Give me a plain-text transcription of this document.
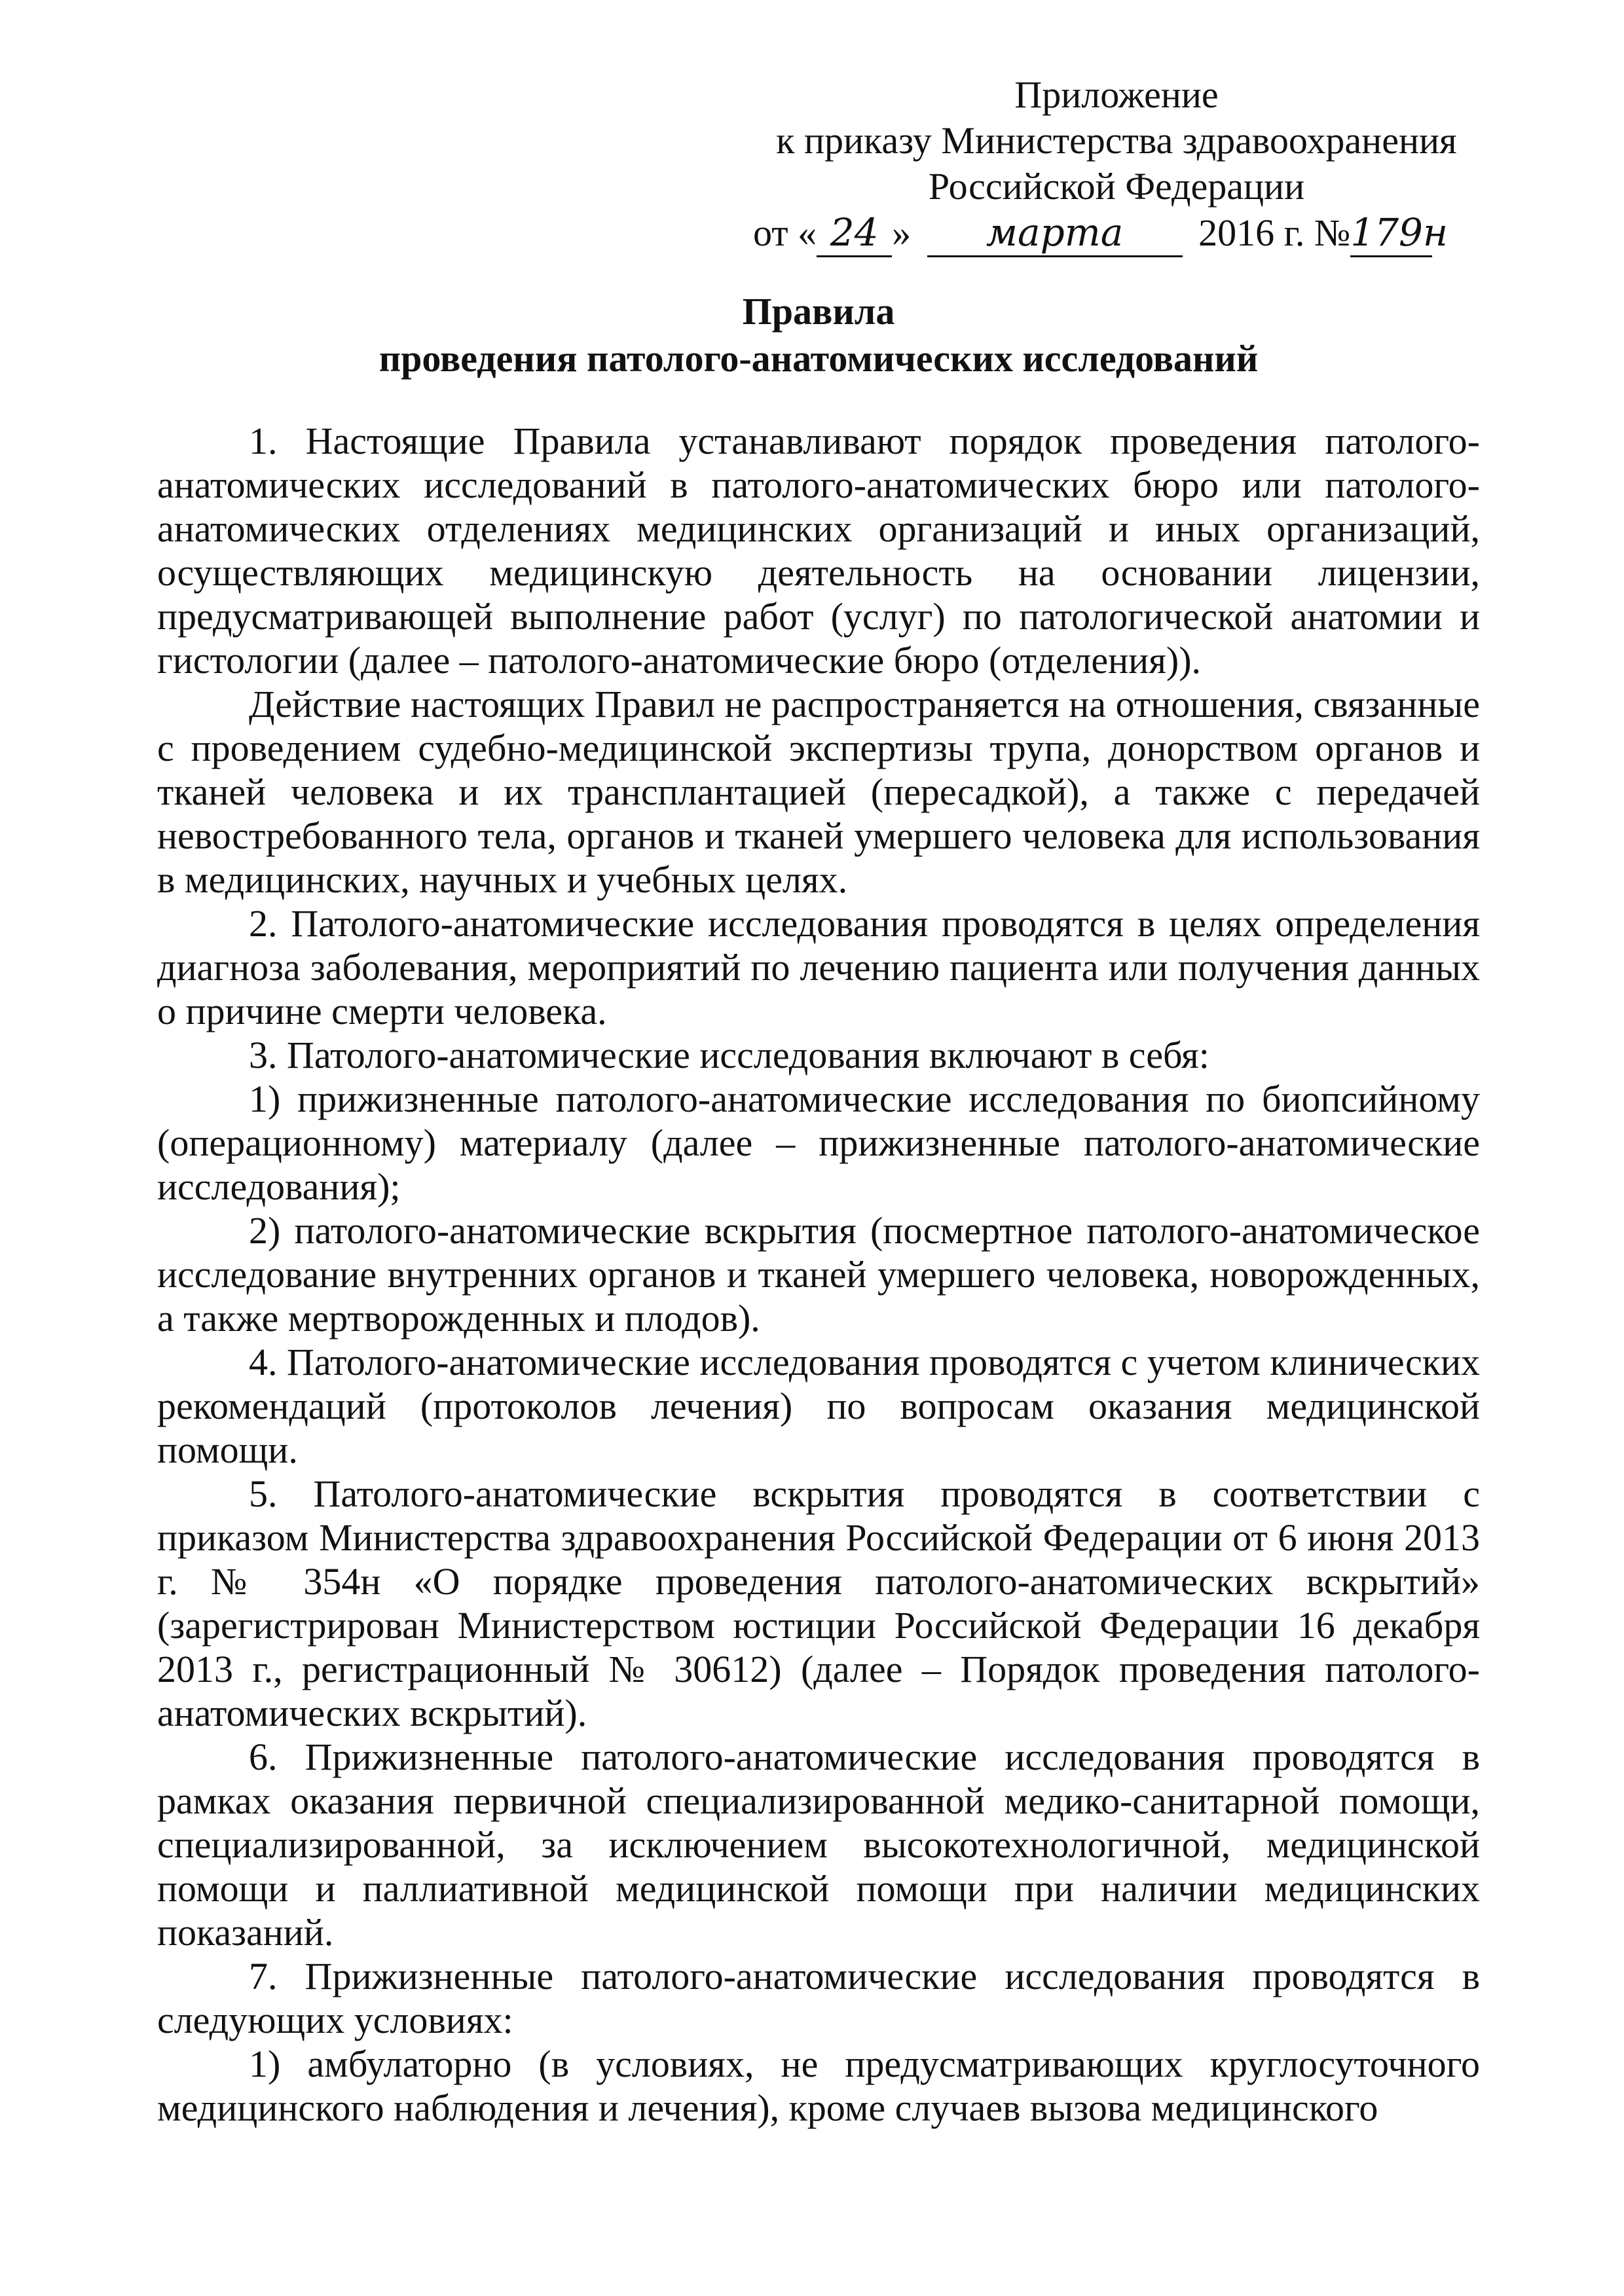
Приложение
к приказу Министерства здравоохранения
Российской Федерации
от « 24 » марта 2016 г. №179н
Правила
проведения патолого-анатомических исследований

1. Настоящие Правила устанавливают порядок проведения патолого-анатомических исследований в патолого-анатомических бюро или патолого-анатомических отделениях медицинских организаций и иных организаций, осуществляющих медицинскую деятельность на основании лицензии, предусматривающей выполнение работ (услуг) по патологической анатомии и гистологии (далее – патолого-анатомические бюро (отделения)).

Действие настоящих Правил не распространяется на отношения, связанные с проведением судебно-медицинской экспертизы трупа, донорством органов и тканей человека и их трансплантацией (пересадкой), а также с передачей невостребованного тела, органов и тканей умершего человека для использования в медицинских, научных и учебных целях.

2. Патолого-анатомические исследования проводятся в целях определения диагноза заболевания, мероприятий по лечению пациента или получения данных о причине смерти человека.

3. Патолого-анатомические исследования включают в себя:

1) прижизненные патолого-анатомические исследования по биопсийному (операционному) материалу (далее – прижизненные патолого-анатомические исследования);

2) патолого-анатомические вскрытия (посмертное патолого-анатомическое исследование внутренних органов и тканей умершего человека, новорожденных, а также мертворожденных и плодов).

4. Патолого-анатомические исследования проводятся с учетом клинических рекомендаций (протоколов лечения) по вопросам оказания медицинской помощи.

5. Патолого-анатомические вскрытия проводятся в соответствии с приказом Министерства здравоохранения Российской Федерации от 6 июня 2013 г. № 354н «О порядке проведения патолого-анатомических вскрытий» (зарегистрирован Министерством юстиции Российской Федерации 16 декабря 2013 г., регистрационный № 30612) (далее – Порядок проведения патолого-анатомических вскрытий).

6. Прижизненные патолого-анатомические исследования проводятся в рамках оказания первичной специализированной медико-санитарной помощи, специализированной, за исключением высокотехнологичной, медицинской помощи и паллиативной медицинской помощи при наличии медицинских показаний.

7. Прижизненные патолого-анатомические исследования проводятся в следующих условиях:

1) амбулаторно (в условиях, не предусматривающих круглосуточного медицинского наблюдения и лечения), кроме случаев вызова медицинского
